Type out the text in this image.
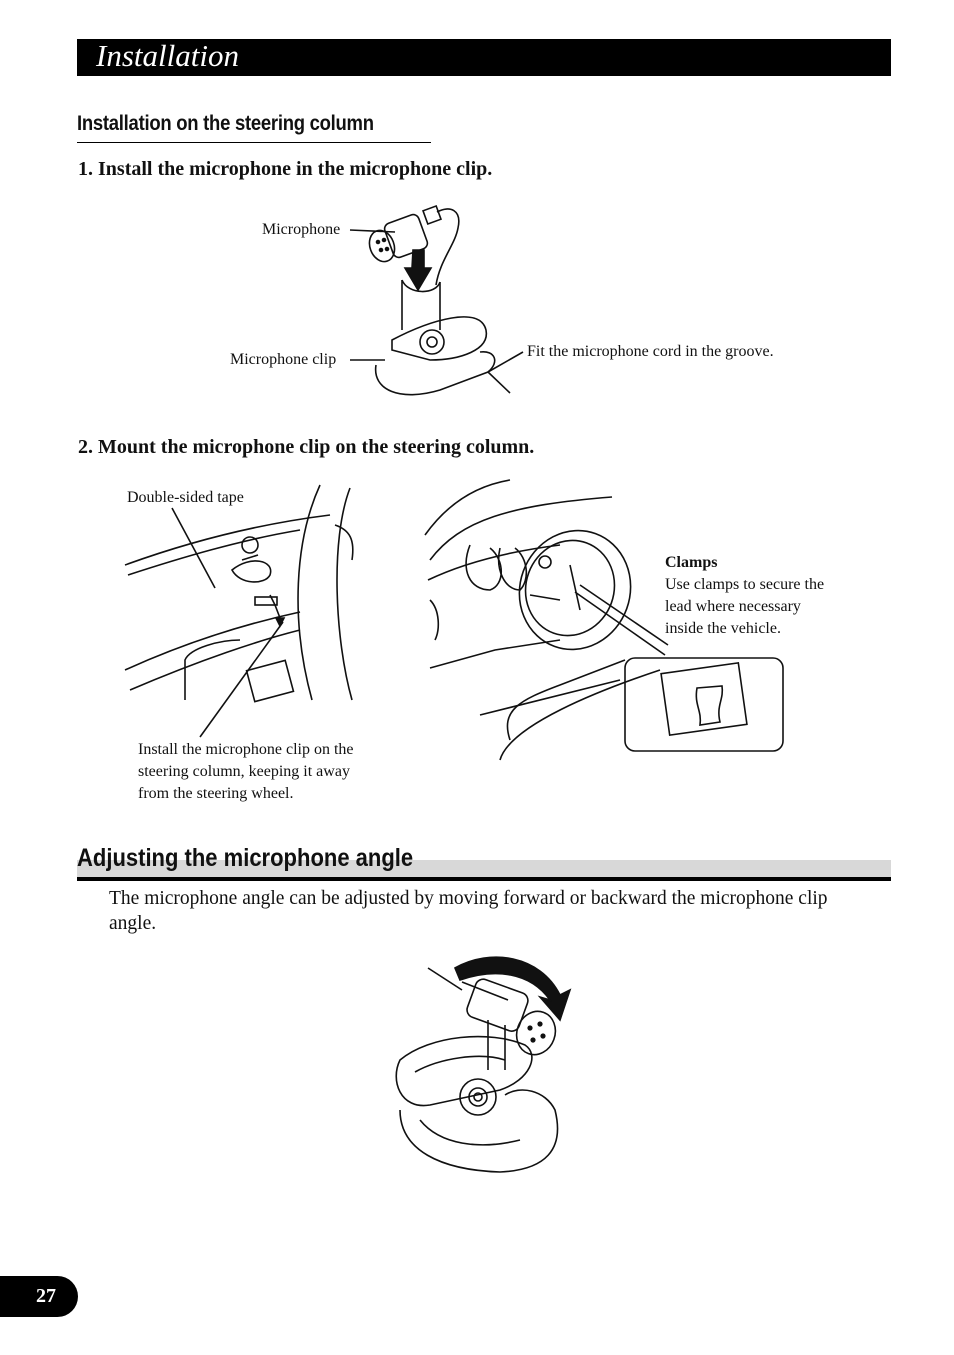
Installation
Installation on the steering column
1. Install the microphone in the microphone clip.
Microphone
Microphone clip	Fit the microphone cord in the groove.
2. Mount the microphone clip on the steering column.
Double-sided tape
Install the microphone clip on the
steering column, keeping it away
from the steering wheel.
Clamps
Use clamps to secure the
lead where necessary
inside the vehicle.
Adjusting the microphone angle
The microphone angle can be adjusted by moving forward or backward the microphone clip angle.
27
